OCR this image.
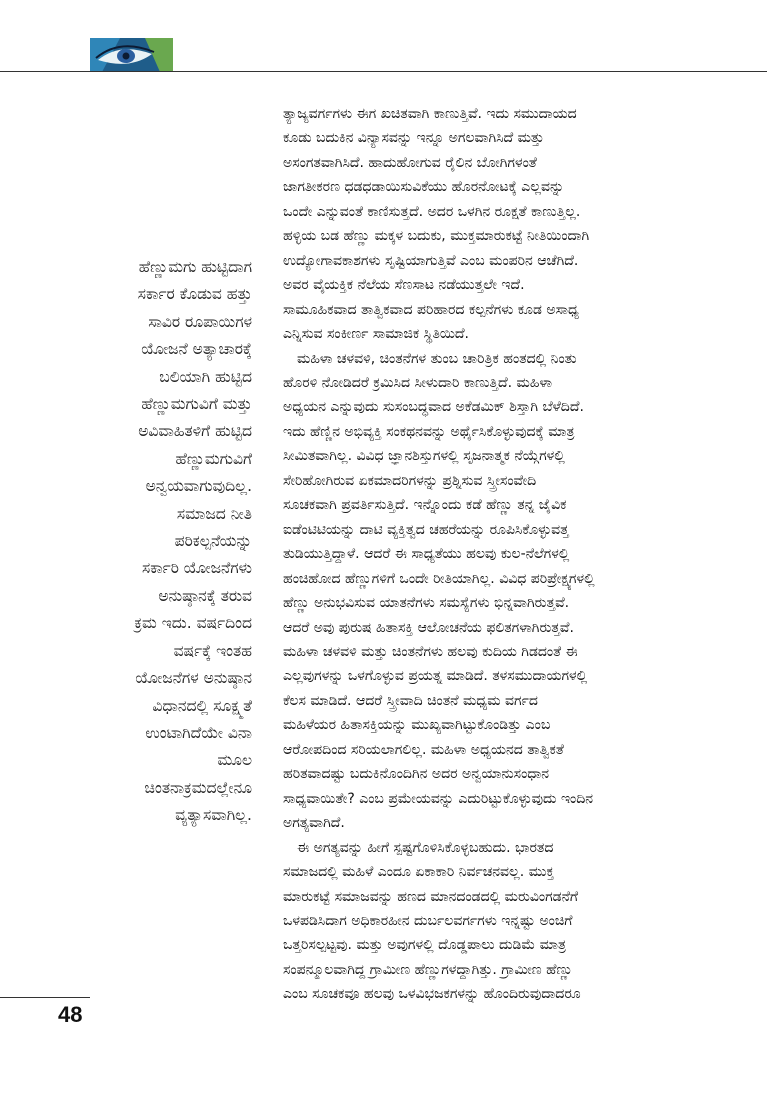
ಹೆಣ್ಣುಮಗು ಹುಟ್ಟಿದಾಗ
ಸರ್ಕಾರ ಕೊಡುವ ಹತ್ತು
ಸಾವಿರ ರೂಪಾಯಿಗಳ
ಯೋಜನೆ ಅತ್ಯಾಚಾರಕ್ಕೆ
ಬಲಿಯಾಗಿ ಹುಟ್ಟಿದ
ಹೆಣ್ಣುಮಗುವಿಗೆ ಮತ್ತು
ಅವಿವಾಹಿತಳಿಗೆ ಹುಟ್ಟಿದ
ಹೆಣ್ಣುಮಗುವಿಗೆ
ಅನ್ವಯವಾಗುವುದಿಲ್ಲ.
ಸಮಾಜದ ನೀತಿ
ಪರಿಕಲ್ಪನೆಯನ್ನು
ಸರ್ಕಾರಿ ಯೋಜನೆಗಳು
ಅನುಷ್ಠಾನಕ್ಕೆ ತರುವ
ಕ್ರಮ ಇದು. ವರ್ಷದಿಂದ
ವರ್ಷಕ್ಕೆ ಇಂತಹ
ಯೋಜನೆಗಳ ಅನುಷ್ಠಾನ
ವಿಧಾನದಲ್ಲಿ ಸೂಕ್ಷ್ಮತೆ
ಉಂಟಾಗಿದೆಯೇ ವಿನಾ
ಮೂಲ
ಚಿಂತನಾಕ್ರಮದಲ್ಲೇನೂ
ವ್ಯತ್ಯಾಸವಾಗಿಲ್ಲ.
ತ್ಯಾಜ್ಯವರ್ಗಗಳು ಈಗ ಖಚಿತವಾಗಿ ಕಾಣುತ್ತಿವೆ. ಇದು ಸಮುದಾಯದ
ಕೂಡು ಬದುಕಿನ ವಿನ್ಯಾಸವನ್ನು ಇನ್ನೂ ಅಗಲವಾಗಿಸಿದೆ ಮತ್ತು
ಅಸಂಗತವಾಗಿಸಿದೆ. ಹಾದುಹೋಗುವ ರೈಲಿನ ಬೋಗಿಗಳಂತೆ
ಜಾಗತೀಕರಣ ಧಡಧಡಾಯಿಸುವಿಕೆಯು ಹೊರನೋಟಕ್ಕೆ ಎಲ್ಲವನ್ನು
ಒಂದೇ ಎನ್ನುವಂತೆ ಕಾಣಿಸುತ್ತದೆ. ಅದರ ಒಳಗಿನ ರೂಕ್ಷತೆ ಕಾಣುತ್ತಿಲ್ಲ.
ಹಳ್ಳಿಯ ಬಡ ಹೆಣ್ಣು ಮಕ್ಕಳ ಬದುಕು, ಮುಕ್ತಮಾರುಕಟ್ಟೆ ನೀತಿಯಿಂದಾಗಿ
ಉದ್ಯೋಗಾವಕಾಶಗಳು ಸೃಷ್ಟಿಯಾಗುತ್ತಿವೆ ಎಂಬ ಮಂಪರಿನ ಆಚೆಗಿದೆ.
ಅವರ ವೈಯಕ್ತಿಕ ನೆಲೆಯ ಸೆಣಸಾಟ ನಡೆಯುತ್ತಲೇ ಇದೆ.
ಸಾಮೂಹಿಕವಾದ ತಾತ್ವಿಕವಾದ ಪರಿಹಾರದ ಕಲ್ಪನೆಗಳು ಕೂಡ ಅಸಾಧ್ಯ
ಎನ್ನಿಸುವ ಸಂಕೀರ್ಣ ಸಾಮಾಜಿಕ ಸ್ಥಿತಿಯಿದೆ.
ಮಹಿಳಾ ಚಳವಳಿ, ಚಿಂತನೆಗಳ ತುಂಬ ಚಾರಿತ್ರಿಕ ಹಂತದಲ್ಲಿ ನಿಂತು
ಹೊರಳಿ ನೋಡಿದರೆ ಕ್ರಮಿಸಿದ ಸೀಳುದಾರಿ ಕಾಣುತ್ತಿದೆ. ಮಹಿಳಾ
ಅಧ್ಯಯನ ಎನ್ನುವುದು ಸುಸಂಬದ್ಧವಾದ ಅಕೆಡಮಿಕ್ ಶಿಸ್ತಾಗಿ ಬೆಳೆದಿದೆ.
ಇದು ಹೆಣ್ಣಿನ ಅಭಿವ್ಯಕ್ತಿ ಸಂಕಥನವನ್ನು ಅರ್ಥೈಸಿಕೊಳ್ಳುವುದಕ್ಕೆ ಮಾತ್ರ
ಸೀಮಿತವಾಗಿಲ್ಲ. ವಿವಿಧ ಜ್ಞಾನಶಿಸ್ತುಗಳಲ್ಲಿ ಸೃಜನಾತ್ಮಕ ನೆಯ್ಗೆಗಳಲ್ಲಿ
ಸೇರಿಹೋಗಿರುವ ಏಕಮಾದರಿಗಳನ್ನು ಪ್ರಶ್ನಿಸುವ ಸ್ತ್ರೀಸಂವೇದಿ
ಸೂಚಕವಾಗಿ ಪ್ರವರ್ತಿಸುತ್ತಿದೆ. ಇನ್ನೊಂದು ಕಡೆ ಹೆಣ್ಣು ತನ್ನ ಜೈವಿಕ
ಐಡೆಂಟಿಟಿಯನ್ನು ದಾಟಿ ವ್ಯಕ್ತಿತ್ವದ ಚಹರೆಯನ್ನು ರೂಪಿಸಿಕೊಳ್ಳುವತ್ತ
ತುಡಿಯುತ್ತಿದ್ದಾಳೆ. ಆದರೆ ಈ ಸಾಧ್ಯತೆಯು ಹಲವು ಕುಲ-ನೆಲೆಗಳಲ್ಲಿ
ಹಂಚಿಹೋದ ಹೆಣ್ಣುಗಳಿಗೆ ಒಂದೇ ರೀತಿಯಾಗಿಲ್ಲ. ವಿವಿಧ ಪರಿಪ್ರೇಕ್ಷ್ಯಗಳಲ್ಲಿ
ಹೆಣ್ಣು ಅನುಭವಿಸುವ ಯಾತನೆಗಳು ಸಮಸ್ಯೆಗಳು ಭಿನ್ನವಾಗಿರುತ್ತವೆ.
ಆದರೆ ಅವು ಪುರುಷ ಹಿತಾಸಕ್ತಿ ಆಲೋಚನೆಯ ಫಲಿತಗಳಾಗಿರುತ್ತವೆ.
ಮಹಿಳಾ ಚಳವಳಿ ಮತ್ತು ಚಿಂತನೆಗಳು ಹಲವು ಕುದಿಯ ಗಿಡದಂತೆ ಈ
ಎಲ್ಲವುಗಳನ್ನು ಒಳಗೊಳ್ಳುವ ಪ್ರಯತ್ನ ಮಾಡಿದೆ. ತಳಸಮುದಾಯಗಳಲ್ಲಿ
ಕೆಲಸ ಮಾಡಿದೆ. ಆದರೆ ಸ್ತ್ರೀವಾದಿ ಚಿಂತನೆ ಮಧ್ಯಮ ವರ್ಗದ
ಮಹಿಳೆಯರ ಹಿತಾಸಕ್ತಿಯನ್ನು ಮುಖ್ಯವಾಗಿಟ್ಟುಕೊಂಡಿತ್ತು ಎಂಬ
ಆರೋಪದಿಂದ ಸರಿಯಲಾಗಲಿಲ್ಲ. ಮಹಿಳಾ ಅಧ್ಯಯನದ ತಾತ್ವಿಕತೆ
ಹರಿತವಾದಷ್ಟು ಬದುಕಿನೊಂದಿಗಿನ ಅದರ ಅನ್ವಯಾನುಸಂಧಾನ
ಸಾಧ್ಯವಾಯಿತೇ? ಎಂಬ ಪ್ರಮೇಯವನ್ನು ಎದುರಿಟ್ಟುಕೊಳ್ಳುವುದು ಇಂದಿನ
ಅಗತ್ಯವಾಗಿದೆ.
ಈ ಅಗತ್ಯವನ್ನು ಹೀಗೆ ಸ್ಪಷ್ಟಗೊಳಿಸಿಕೊಳ್ಳಬಹುದು. ಭಾರತದ
ಸಮಾಜದಲ್ಲಿ ಮಹಿಳೆ ಎಂದೂ ಏಕಾಕಾರಿ ನಿರ್ವಚನವಲ್ಲ. ಮುಕ್ತ
ಮಾರುಕಟ್ಟೆ ಸಮಾಜವನ್ನು ಹಣದ ಮಾನದಂಡದಲ್ಲಿ ಮರುವಿಂಗಡನೆಗೆ
ಒಳಪಡಿಸಿದಾಗ ಅಧಿಕಾರಹೀನ ದುರ್ಬಲವರ್ಗಗಳು ಇನ್ನಷ್ಟು ಅಂಚಿಗೆ
ಒತ್ತರಿಸಲ್ಪಟ್ಟವು. ಮತ್ತು ಅವುಗಳಲ್ಲಿ ದೊಡ್ಡಪಾಲು ದುಡಿಮೆ ಮಾತ್ರ
ಸಂಪನ್ಮೂಲವಾಗಿದ್ದ ಗ್ರಾಮೀಣ ಹೆಣ್ಣುಗಳದ್ದಾಗಿತ್ತು. ಗ್ರಾಮೀಣ ಹೆಣ್ಣು
ಎಂಬ ಸೂಚಕವೂ ಹಲವು ಒಳವಿಭಜಕಗಳನ್ನು ಹೊಂದಿರುವುದಾದರೂ
48
